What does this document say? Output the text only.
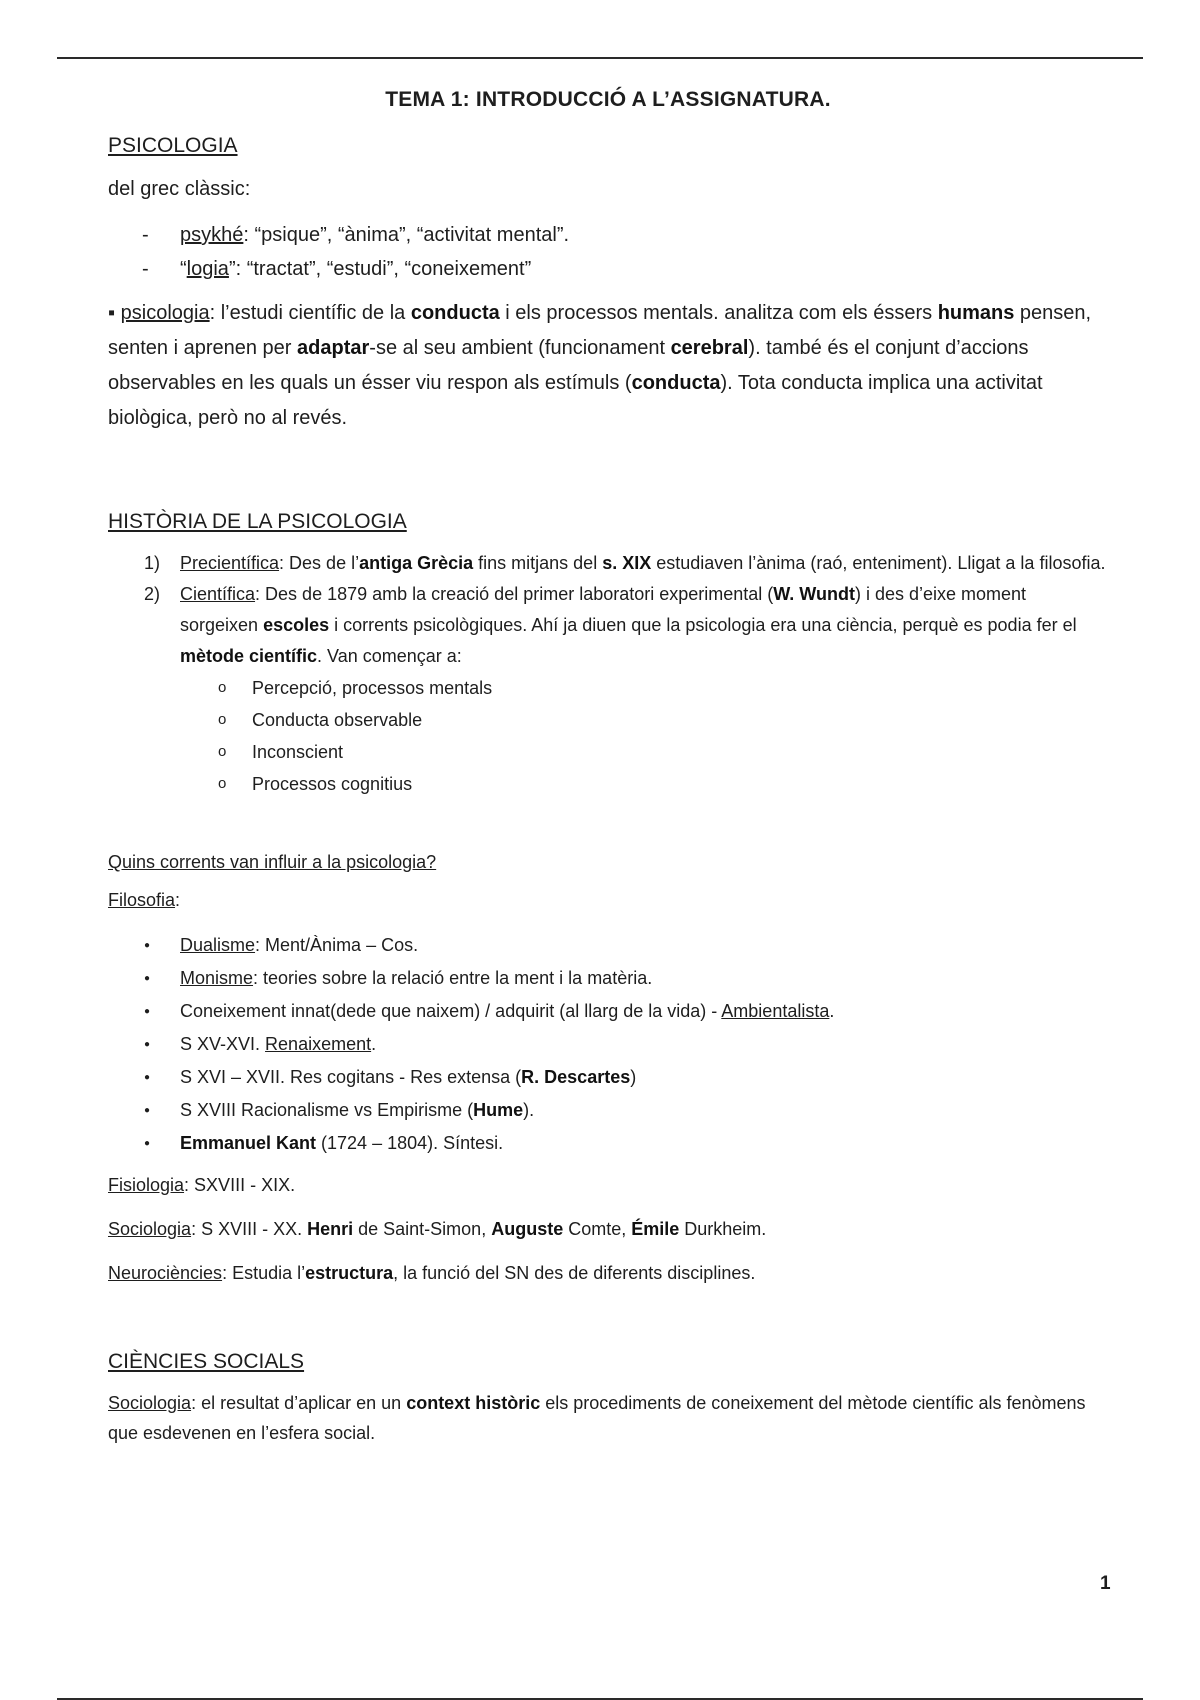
TEMA 1: INTRODUCCIÓ A L’ASSIGNATURA.
PSICOLOGIA
del grec clàssic:
- psykhé: “psique”, “ànima”, “activitat mental”.
- “logia”: “tractat”, “estudi”, “coneixement”
▪ psicologia: l’estudi científic de la conducta i els processos mentals. analitza com els éssers humans pensen, senten i aprenen per adaptar-se al seu ambient (funcionament cerebral). també és el conjunt d’accions observables en les quals un ésser viu respon als estímuls (conducta). Tota conducta implica una activitat biològica, però no al revés.
HISTÒRIA DE LA PSICOLOGIA
1) Precientífica: Des de l’antiga Grècia fins mitjans del s. XIX estudiaven l’ànima (raó, enteniment). Lligat a la filosofia.
2) Científica: Des de 1879 amb la creació del primer laboratori experimental (W. Wundt) i des d’eixe moment sorgeixen escoles i corrents psicològiques. Ahí ja diuen que la psicologia era una ciència, perquè es podia fer el mètode científic. Van començar a:
o Percepció, processos mentals
o Conducta observable
o Inconscient
o Processos cognitius
Quins corrents van influir a la psicologia?
Filosofia:
● Dualisme: Ment/Ànima – Cos.
● Monisme: teories sobre la relació entre la ment i la matèria.
● Coneixement innat(dede que naixem) / adquirit (al llarg de la vida) - Ambientalista.
● S XV-XVI. Renaixement.
● S XVI – XVII. Res cogitans - Res extensa (R. Descartes)
● S XVIII Racionalisme vs Empirisme (Hume).
● Emmanuel Kant (1724 – 1804). Síntesi.
Fisiologia: SXVIII - XIX.
Sociologia: S XVIII - XX. Henri de Saint-Simon, Auguste Comte, Émile Durkheim.
Neurociències: Estudia l’estructura, la funció del SN des de diferents disciplines.
CIÈNCIES SOCIALS
Sociologia: el resultat d’aplicar en un context històric els procediments de coneixement del mètode científic als fenòmens que esdevenen en l’esfera social.
1
